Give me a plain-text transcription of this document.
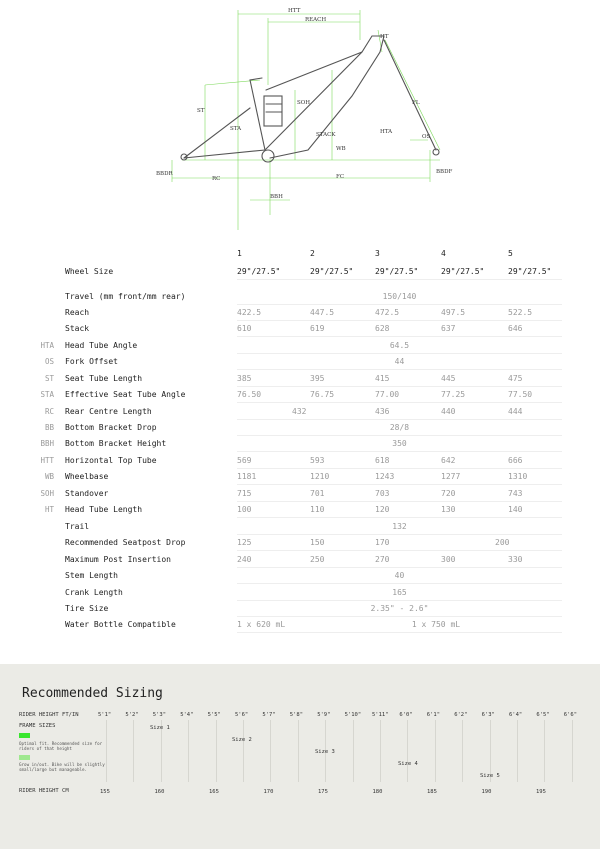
HTT
REACH
HT
ST
SOH	FL
STA
STACK	HTA
OS
WB
BBDR
RC	FC
BBDF
BBH
1	2	3	4	5
Wheel Size	29"/27.5"	29"/27.5"	29"/27.5"	29"/27.5"	29"/27.5"
Travel (mm front/mm rear)	150/140
Reach	422.5	447.5	472.5	497.5	522.5
Stack	610	619	628	637	646
HTA Head Tube Angle	64.5
OS Fork Offset	44
ST Seat Tube Length	385	395	415	445	475
STA Effective Seat Tube Angle	76.50	76.75	77.00	77.25	77.50
RC Rear Centre Length	432	436	440	444
BB Bottom Bracket Drop	28/8
BBH Bottom Bracket Height	350
HTT Horizontal Top Tube	569	593	618	642	666
WB Wheelbase	1181	1210	1243	1277	1310
SOH Standover	715	701	703	720	743
HT Head Tube Length	100	110	120	130	140
Trail	132
Recommended Seatpost Drop	125	150	170	200
Maximum Post Insertion	240	250	270	300	330
Stem Length	40
Crank Length	165
Tire Size	2.35" - 2.6"
Water Bottle Compatible	1 x 620 mL	1 x 750 mL
Recommended Sizing
RIDER HEIGHT FT/IN
FRAME SIZES
Optimal fit. Recommended size for riders of that height
Grow in/out. Bike will be slightly small/large but manageable.
RIDER HEIGHT CM
5'1"	5'2"	5'3"	5'4"	5'5"	5'6"	5'7"	5'8"	5'9"	5'10" 5'11" 6'0"	6'1"	6'2"	6'3"	6'4"	6'5"	6'6"
155	160	165	170	175	180	185	190	195
Size 1
Size 2
Size 3
Size 4
Size 5
